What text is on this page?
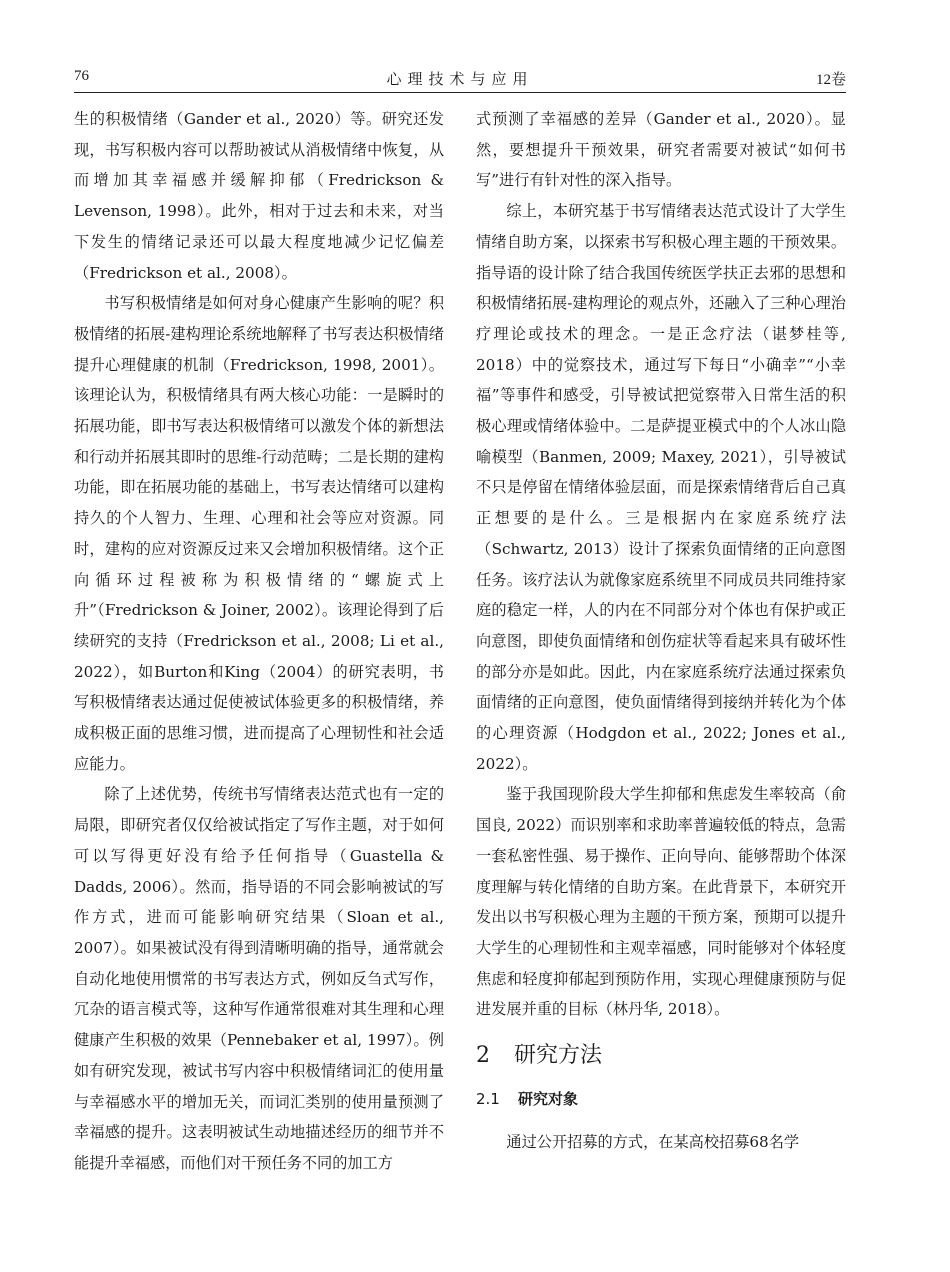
76	心理技术与应用	12卷

生的积极情绪（Gander et al., 2020）等。研究还发现，书写积极内容可以帮助被试从消极情绪中恢复，从而增加其幸福感并缓解抑郁（Fredrickson & Levenson, 1998）。此外，相对于过去和未来，对当下发生的情绪记录还可以最大程度地减少记忆偏差（Fredrickson et al., 2008）。

书写积极情绪是如何对身心健康产生影响的呢？积极情绪的拓展-建构理论系统地解释了书写表达积极情绪提升心理健康的机制（Fredrickson, 1998, 2001）。该理论认为，积极情绪具有两大核心功能：一是瞬时的拓展功能，即书写表达积极情绪可以激发个体的新想法和行动并拓展其即时的思维-行动范畴；二是长期的建构功能，即在拓展功能的基础上，书写表达情绪可以建构持久的个人智力、生理、心理和社会等应对资源。同时，建构的应对资源反过来又会增加积极情绪。这个正向循环过程被称为积极情绪的“螺旋式上升”（Fredrickson & Joiner, 2002）。该理论得到了后续研究的支持（Fredrickson et al., 2008; Li et al., 2022），如Burton和King（2004）的研究表明，书写积极情绪表达通过促使被试体验更多的积极情绪，养成积极正面的思维习惯，进而提高了心理韧性和社会适应能力。

除了上述优势，传统书写情绪表达范式也有一定的局限，即研究者仅仅给被试指定了写作主题，对于如何可以写得更好没有给予任何指导（Guastella & Dadds, 2006）。然而，指导语的不同会影响被试的写作方式，进而可能影响研究结果（Sloan et al., 2007）。如果被试没有得到清晰明确的指导，通常就会自动化地使用惯常的书写表达方式，例如反刍式写作，冗杂的语言模式等，这种写作通常很难对其生理和心理健康产生积极的效果（Pennebaker et al, 1997）。例如有研究发现，被试书写内容中积极情绪词汇的使用量与幸福感水平的增加无关，而词汇类别的使用量预测了幸福感的提升。这表明被试生动地描述经历的细节并不能提升幸福感，而他们对干预任务不同的加工方

式预测了幸福感的差异（Gander et al., 2020）。显然，要想提升干预效果，研究者需要对被试“如何书写”进行有针对性的深入指导。

综上，本研究基于书写情绪表达范式设计了大学生情绪自助方案，以探索书写积极心理主题的干预效果。指导语的设计除了结合我国传统医学扶正去邪的思想和积极情绪拓展-建构理论的观点外，还融入了三种心理治疗理论或技术的理念。一是正念疗法（谌梦桂等, 2018）中的觉察技术，通过写下每日“小确幸”“小幸福”等事件和感受，引导被试把觉察带入日常生活的积极心理或情绪体验中。二是萨提亚模式中的个人冰山隐喻模型（Banmen, 2009; Maxey, 2021），引导被试不只是停留在情绪体验层面，而是探索情绪背后自己真正想要的是什么。三是根据内在家庭系统疗法（Schwartz, 2013）设计了探索负面情绪的正向意图任务。该疗法认为就像家庭系统里不同成员共同维持家庭的稳定一样，人的内在不同部分对个体也有保护或正向意图，即使负面情绪和创伤症状等看起来具有破坏性的部分亦是如此。因此，内在家庭系统疗法通过探索负面情绪的正向意图，使负面情绪得到接纳并转化为个体的心理资源（Hodgdon et al., 2022; Jones et al., 2022）。

鉴于我国现阶段大学生抑郁和焦虑发生率较高（俞国良, 2022）而识别率和求助率普遍较低的特点，急需一套私密性强、易于操作、正向导向、能够帮助个体深度理解与转化情绪的自助方案。在此背景下，本研究开发出以书写积极心理为主题的干预方案，预期可以提升大学生的心理韧性和主观幸福感，同时能够对个体轻度焦虑和轻度抑郁起到预防作用，实现心理健康预防与促进发展并重的目标（林丹华, 2018）。

2 研究方法
2.1 研究对象

通过公开招募的方式，在某高校招募68名学
